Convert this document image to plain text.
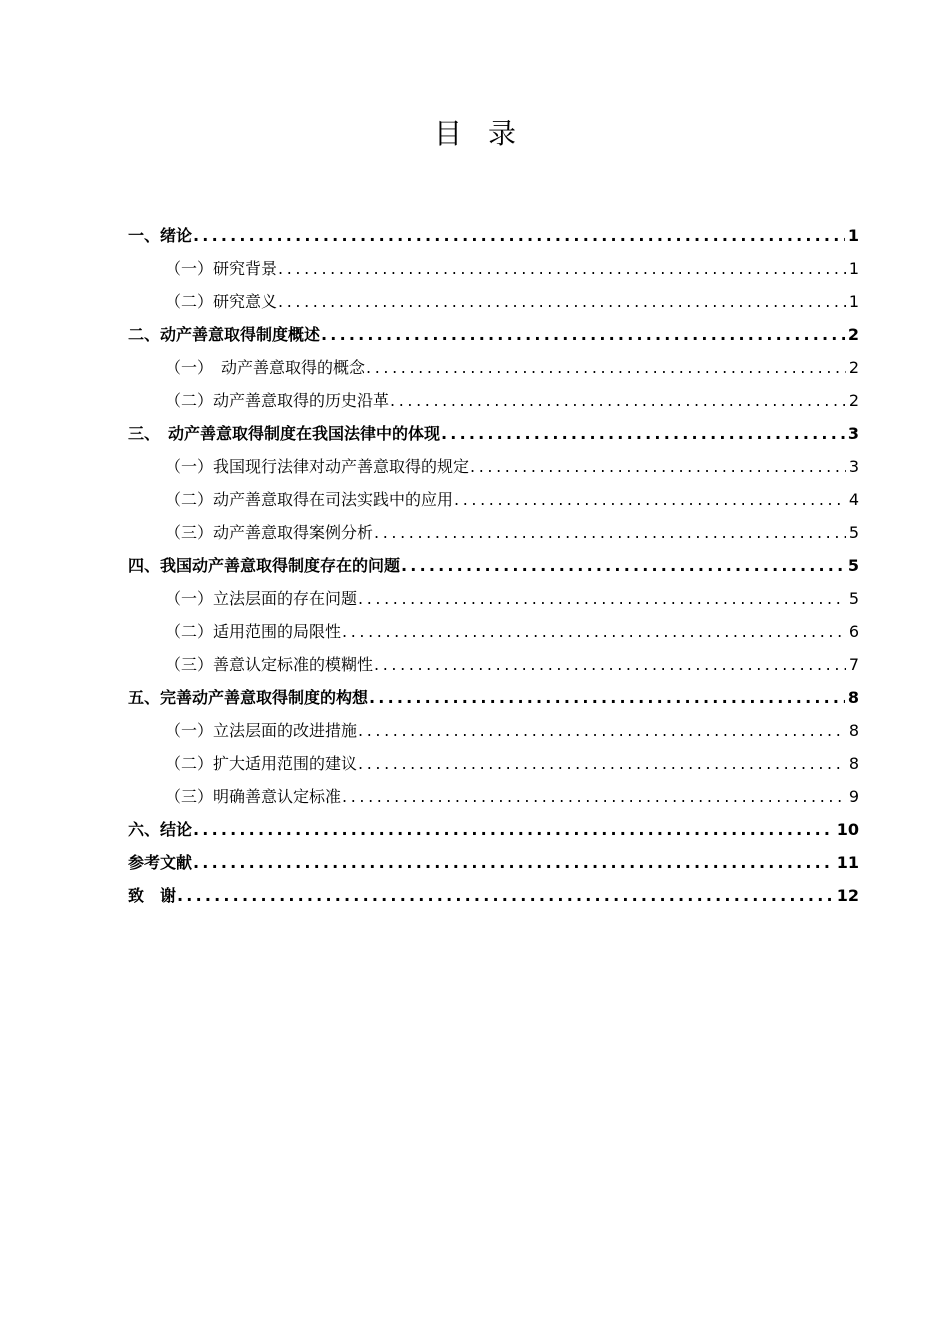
目 录
一、绪论 .....	1
（一）研究背景 .....	1
（二）研究意义 .....	1
二、动产善意取得制度概述 .....	2
（一）　动产善意取得的概念 .....	2
（二）动产善意取得的历史沿革 .....	2
三、　动产善意取得制度在我国法律中的体现 .....	3
（一）我国现行法律对动产善意取得的规定 .....	3
（二）动产善意取得在司法实践中的应用 .....	4
（三）动产善意取得案例分析 .....	5
四、我国动产善意取得制度存在的问题 .....	5
（一）立法层面的存在问题 .....	5
（二）适用范围的局限性 .....	6
（三）善意认定标准的模糊性 .....	7
五、完善动产善意取得制度的构想 .....	8
（一）立法层面的改进措施 .....	8
（二）扩大适用范围的建议 .....	8
（三）明确善意认定标准 .....	9
六、结论 .....	10
参考文献 .....	11
致　谢 .....	12
